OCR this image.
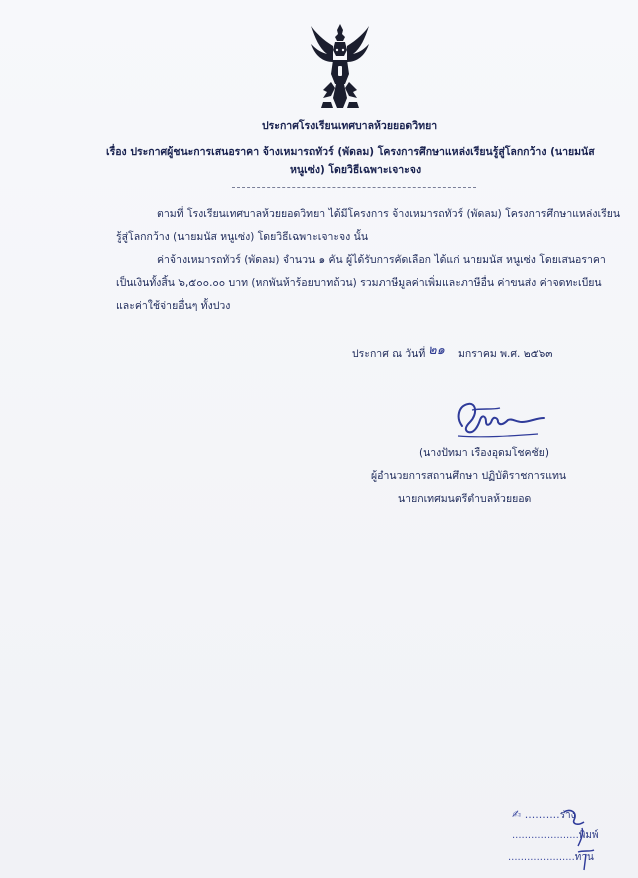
ประกาศโรงเรียนเทศบาลห้วยยอดวิทยา
เรื่อง ประกาศผู้ชนะการเสนอราคา จ้างเหมารถทัวร์ (พัดลม) โครงการศึกษาแหล่งเรียนรู้สู่โลกกว้าง (นายมนัส
หนูเซ่ง) โดยวิธีเฉพาะเจาะจง
ตามที่ โรงเรียนเทศบาลห้วยยอดวิทยา ได้มีโครงการ จ้างเหมารถทัวร์ (พัดลม) โครงการศึกษาแหล่งเรียน
รู้สู่โลกกว้าง (นายมนัส หนูเซ่ง) โดยวิธีเฉพาะเจาะจง นั้น
ค่าจ้างเหมารถทัวร์ (พัดลม) จำนวน ๑ คัน ผู้ได้รับการคัดเลือก ได้แก่ นายมนัส หนูเซ่ง โดยเสนอราคา
เป็นเงินทั้งสิ้น ๖,๕๐๐.๐๐ บาท (หกพันห้าร้อยบาทถ้วน) รวมภาษีมูลค่าเพิ่มและภาษีอื่น ค่าขนส่ง ค่าจดทะเบียน
และค่าใช้จ่ายอื่นๆ ทั้งปวง
ประกาศ ณ วันที่ ๒๑ มกราคม พ.ศ. ๒๕๖๓
(นางปัทมา เรืองอุดมโชคชัย)
ผู้อำนวยการสถานศึกษา ปฏิบัติราชการแทน
นายกเทศมนตรีตำบลห้วยยอด
✍ ..........ร่าง
.....................พิมพ์
.....................ทาน
